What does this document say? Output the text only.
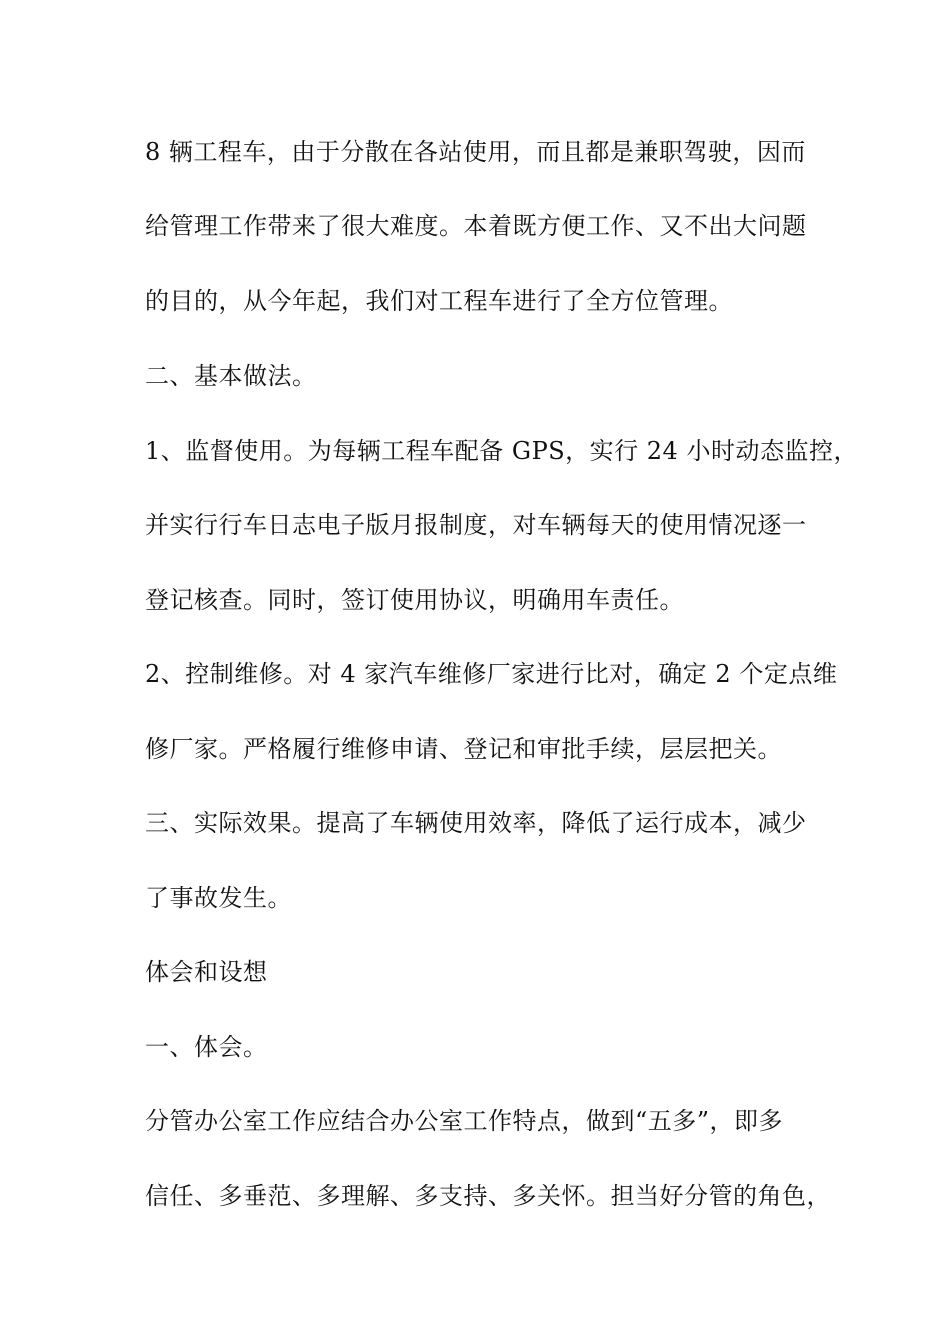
8 辆工程车，由于分散在各站使用，而且都是兼职驾驶，因而
给管理工作带来了很大难度。本着既方便工作、又不出大问题
的目的，从今年起，我们对工程车进行了全方位管理。
二、基本做法。
1、监督使用。为每辆工程车配备 GPS，实行 24 小时动态监控，
并实行行车日志电子版月报制度，对车辆每天的使用情况逐一
登记核查。同时，签订使用协议，明确用车责任。
2、控制维修。对 4 家汽车维修厂家进行比对，确定 2 个定点维
修厂家。严格履行维修申请、登记和审批手续，层层把关。
三、实际效果。提高了车辆使用效率，降低了运行成本，减少
了事故发生。
体会和设想
一、体会。
分管办公室工作应结合办公室工作特点，做到“五多”，即多
信任、多垂范、多理解、多支持、多关怀。担当好分管的角色，
